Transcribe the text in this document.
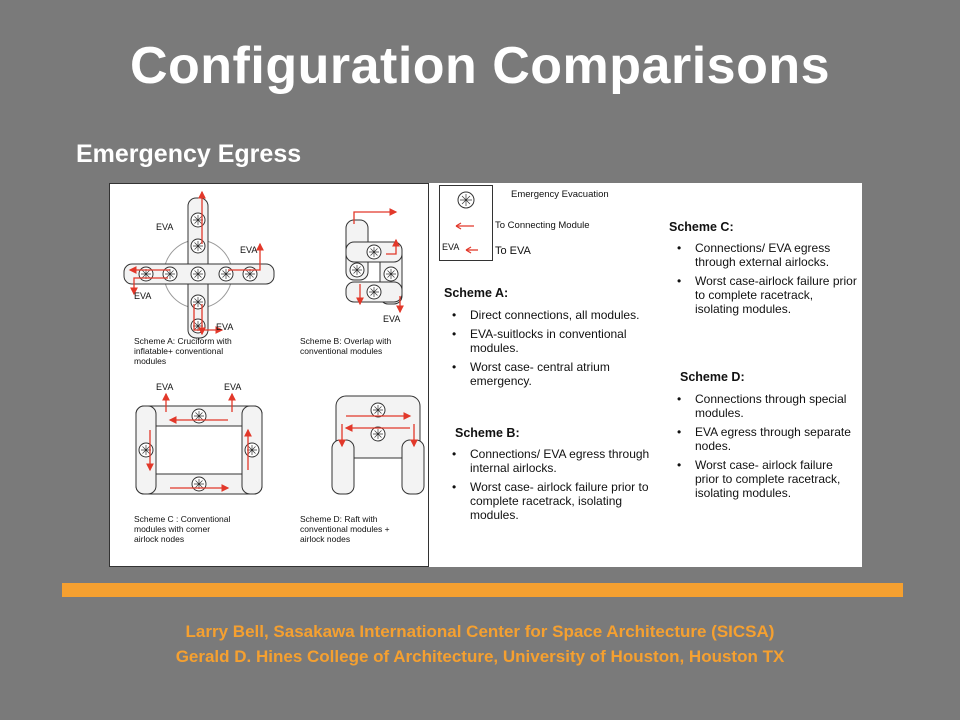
Configuration Comparisons
Emergency Egress
EVA
EVA
EVA
EVA
EVA
EVA	EVA
Scheme A: Cruciform with
inflatable+ conventional
modules
Scheme B: Overlap with
conventional modules
Scheme C : Conventional
modules with corner
airlock nodes
Scheme D: Raft with
conventional modules +
airlock nodes
EVA
Emergency Evacuation
To Connecting Module
To EVA
Scheme A:
• Direct connections, all modules.
• EVA-suitlocks in conventional modules.
• Worst case- central atrium emergency.
Scheme B:
• Connections/ EVA egress through internal airlocks.
• Worst case- airlock failure prior to complete racetrack, isolating modules.
Scheme C:
• Connections/ EVA egress through external airlocks.
• Worst case-airlock failure prior to complete racetrack, isolating modules.
Scheme D:
• Connections through special modules.
• EVA egress through separate nodes.
• Worst case- airlock failure prior to complete racetrack, isolating modules.
Larry Bell, Sasakawa International Center for Space Architecture (SICSA)
Gerald D. Hines College of Architecture, University of Houston, Houston TX
